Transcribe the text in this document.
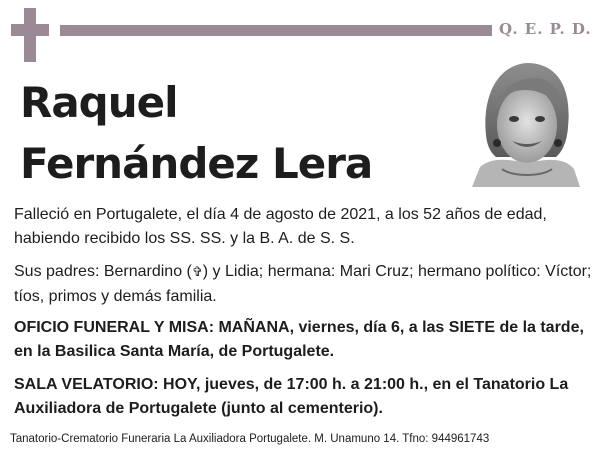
Q. E. P. D.
Raquel
Fernández Lera
Falleció en Portugalete, el día 4 de agosto de 2021, a los 52 años de edad, habiendo recibido los SS. SS. y la B. A. de S. S.
Sus padres: Bernardino (✞) y Lidia; hermana: Mari Cruz; hermano político: Víctor; tíos, primos y demás familia.
OFICIO FUNERAL Y MISA: MAÑANA, viernes, día 6, a las SIETE de la tarde, en la Basilica Santa María, de Portugalete.
SALA VELATORIO: HOY, jueves, de 17:00 h. a 21:00 h., en el Tanatorio La Auxiliadora de Portugalete (junto al cementerio).
Tanatorio-Crematorio Funeraria La Auxiliadora Portugalete. M. Unamuno 14. Tfno: 944961743
